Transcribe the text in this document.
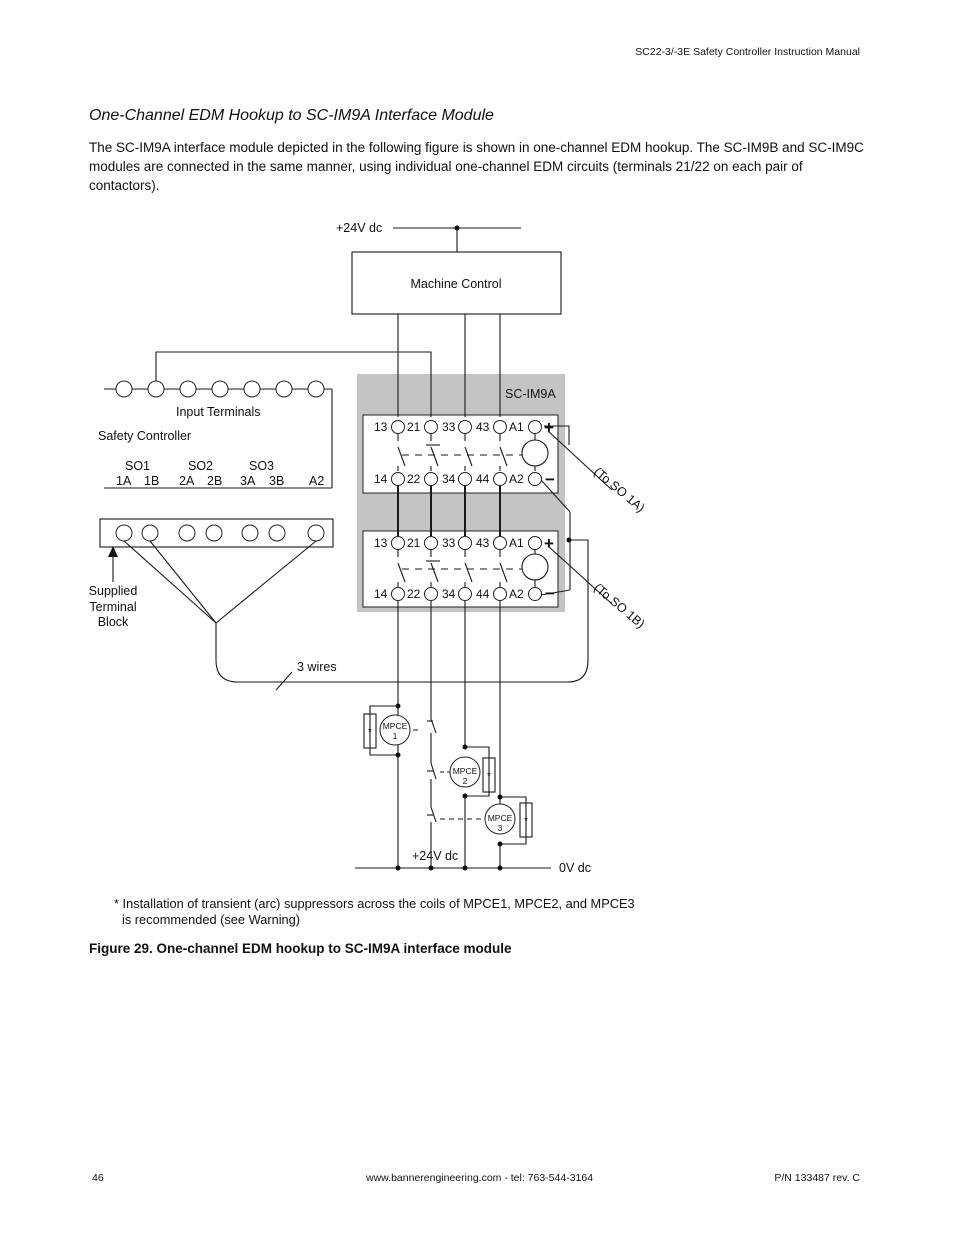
SC22-3/-3E Safety Controller Instruction Manual
One-Channel EDM Hookup to SC-IM9A Interface Module
The SC-IM9A interface module depicted in the following figure is shown in one-channel EDM hookup. The SC-IM9B and SC-IM9C modules are connected in the same manner, using individual one-channel EDM circuits (terminals 21/22 on each pair of contactors).
+24V dc
Machine Control
SC-IM9A
Input Terminals
Safety Controller
SO1	SO2	SO3
1A 1B 2A 2B 3A 3B A2
Supplied
Terminal
Block
3 wires
+24V dc
0V dc
13 21 33 43 A1
14 22 34 44 A2
13 21 33 43 A1
14 22 34 44 A2
+
−
+
−
(To SO 1A)
(To SO 1B)
MPCE
1
MPCE
2
MPCE
3
*
*
*
* Installation of transient (arc) suppressors across the coils of MPCE1, MPCE2, and MPCE3
is recommended (see Warning)
Figure 29. One-channel EDM hookup to SC-IM9A interface module
46	www.bannerengineering.com - tel: 763-544-3164	P/N 133487 rev. C
